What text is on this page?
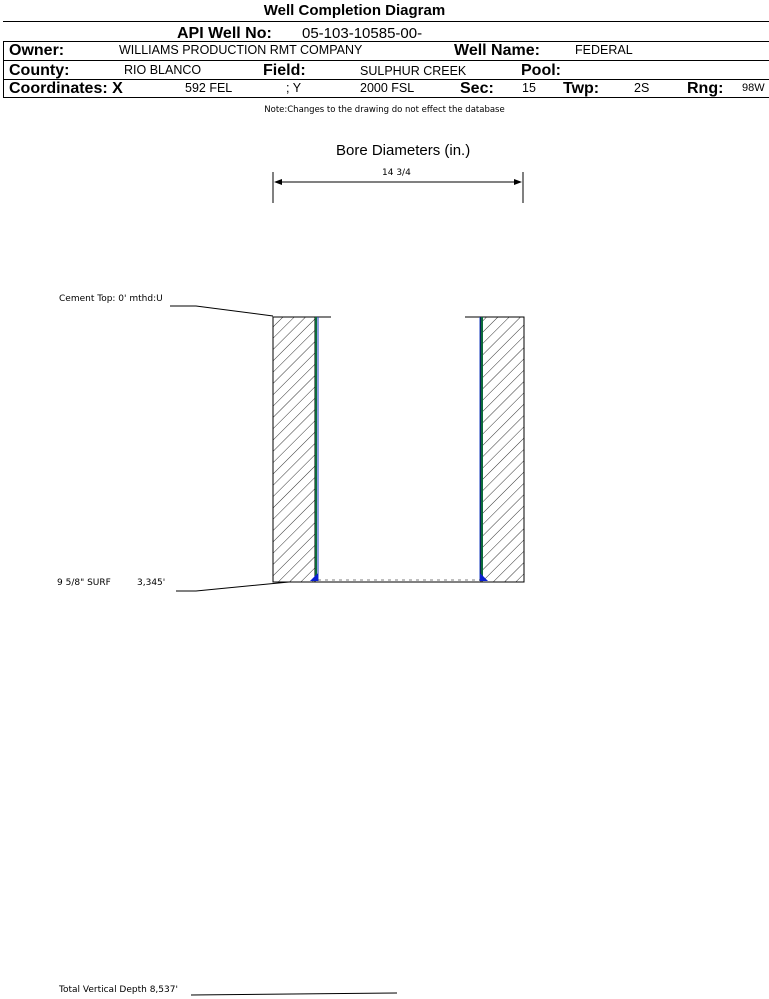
Well Completion Diagram
API Well No: 05-103-10585-00-
Owner:	WILLIAMS PRODUCTION RMT COMPANY	Well Name:	FEDERAL
County:	RIO BLANCO	Field:	SULPHUR CREEK	Pool:
Coordinates: X	592 FEL	; Y	2000 FSL	Sec: 15 Twp:	2S Rng: 98W
Note:Changes to the drawing do not effect the database
Bore Diameters (in.)
14 3/4
Cement Top: 0' mthd:U
9 5/8" SURF	3,345'
Total Vertical Depth 8,537'
